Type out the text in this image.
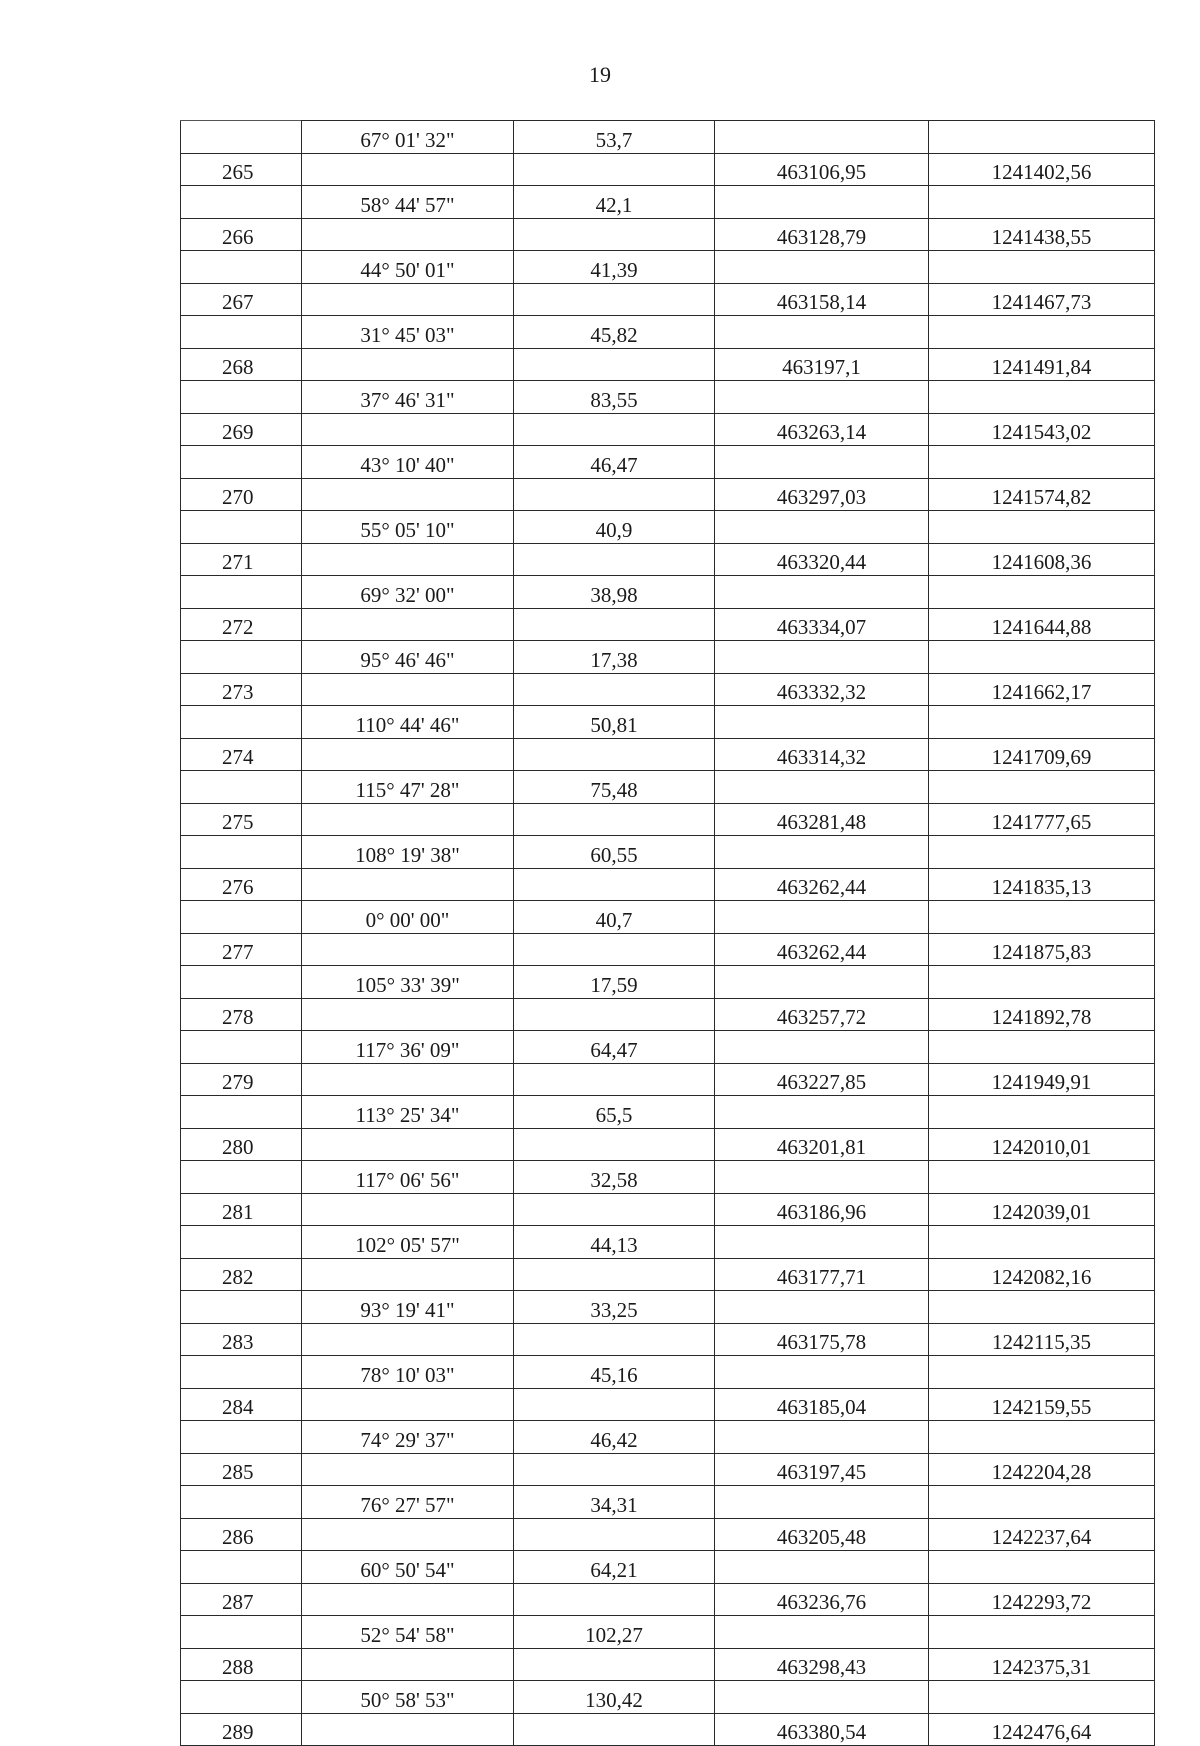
19
	67° 01' 32"	53,7		
265			463106,95	1241402,56
	58° 44' 57"	42,1		
266			463128,79	1241438,55
	44° 50' 01"	41,39		
267			463158,14	1241467,73
	31° 45' 03"	45,82		
268			463197,1	1241491,84
	37° 46' 31"	83,55		
269			463263,14	1241543,02
	43° 10' 40"	46,47		
270			463297,03	1241574,82
	55° 05' 10"	40,9		
271			463320,44	1241608,36
	69° 32' 00"	38,98		
272			463334,07	1241644,88
	95° 46' 46"	17,38		
273			463332,32	1241662,17
	110° 44' 46"	50,81		
274			463314,32	1241709,69
	115° 47' 28"	75,48		
275			463281,48	1241777,65
	108° 19' 38"	60,55		
276			463262,44	1241835,13
	0° 00' 00"	40,7		
277			463262,44	1241875,83
	105° 33' 39"	17,59		
278			463257,72	1241892,78
	117° 36' 09"	64,47		
279			463227,85	1241949,91
	113° 25' 34"	65,5		
280			463201,81	1242010,01
	117° 06' 56"	32,58		
281			463186,96	1242039,01
	102° 05' 57"	44,13		
282			463177,71	1242082,16
	93° 19' 41"	33,25		
283			463175,78	1242115,35
	78° 10' 03"	45,16		
284			463185,04	1242159,55
	74° 29' 37"	46,42		
285			463197,45	1242204,28
	76° 27' 57"	34,31		
286			463205,48	1242237,64
	60° 50' 54"	64,21		
287			463236,76	1242293,72
	52° 54' 58"	102,27		
288			463298,43	1242375,31
	50° 58' 53"	130,42		
289			463380,54	1242476,64
